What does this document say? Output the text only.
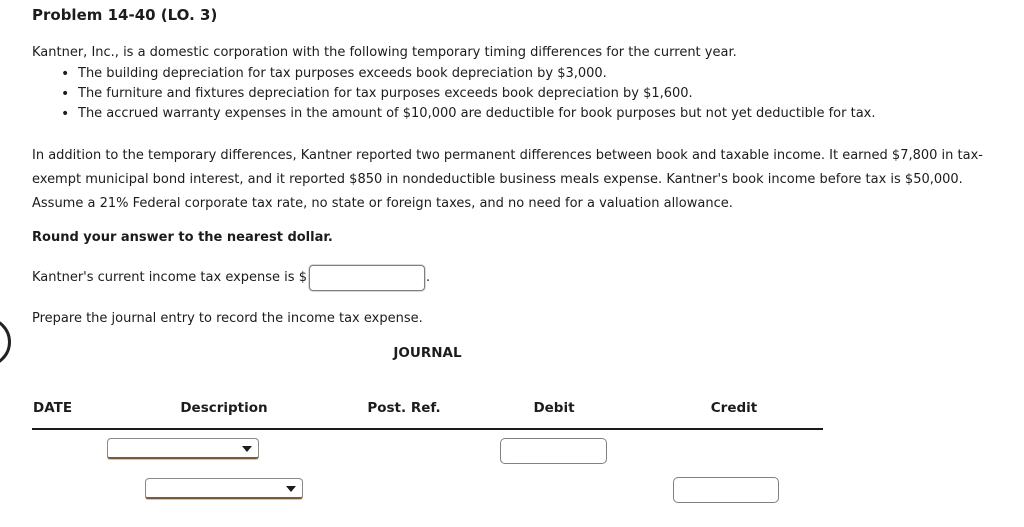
Problem 14-40 (LO. 3)
Kantner, Inc., is a domestic corporation with the following temporary timing differences for the current year.
• The building depreciation for tax purposes exceeds book depreciation by $3,000.
• The furniture and fixtures depreciation for tax purposes exceeds book depreciation by $1,600.
• The accrued warranty expenses in the amount of $10,000 are deductible for book purposes but not yet deductible for tax.
In addition to the temporary differences, Kantner reported two permanent differences between book and taxable income. It earned $7,800 in tax-exempt municipal bond interest, and it reported $850 in nondeductible business meals expense. Kantner's book income before tax is $50,000. Assume a 21% Federal corporate tax rate, no state or foreign taxes, and no need for a valuation allowance.
Round your answer to the nearest dollar.
Kantner's current income tax expense is $	.
Prepare the journal entry to record the income tax expense.
JOURNAL
DATE	Description	Post. Ref.	Debit	Credit
